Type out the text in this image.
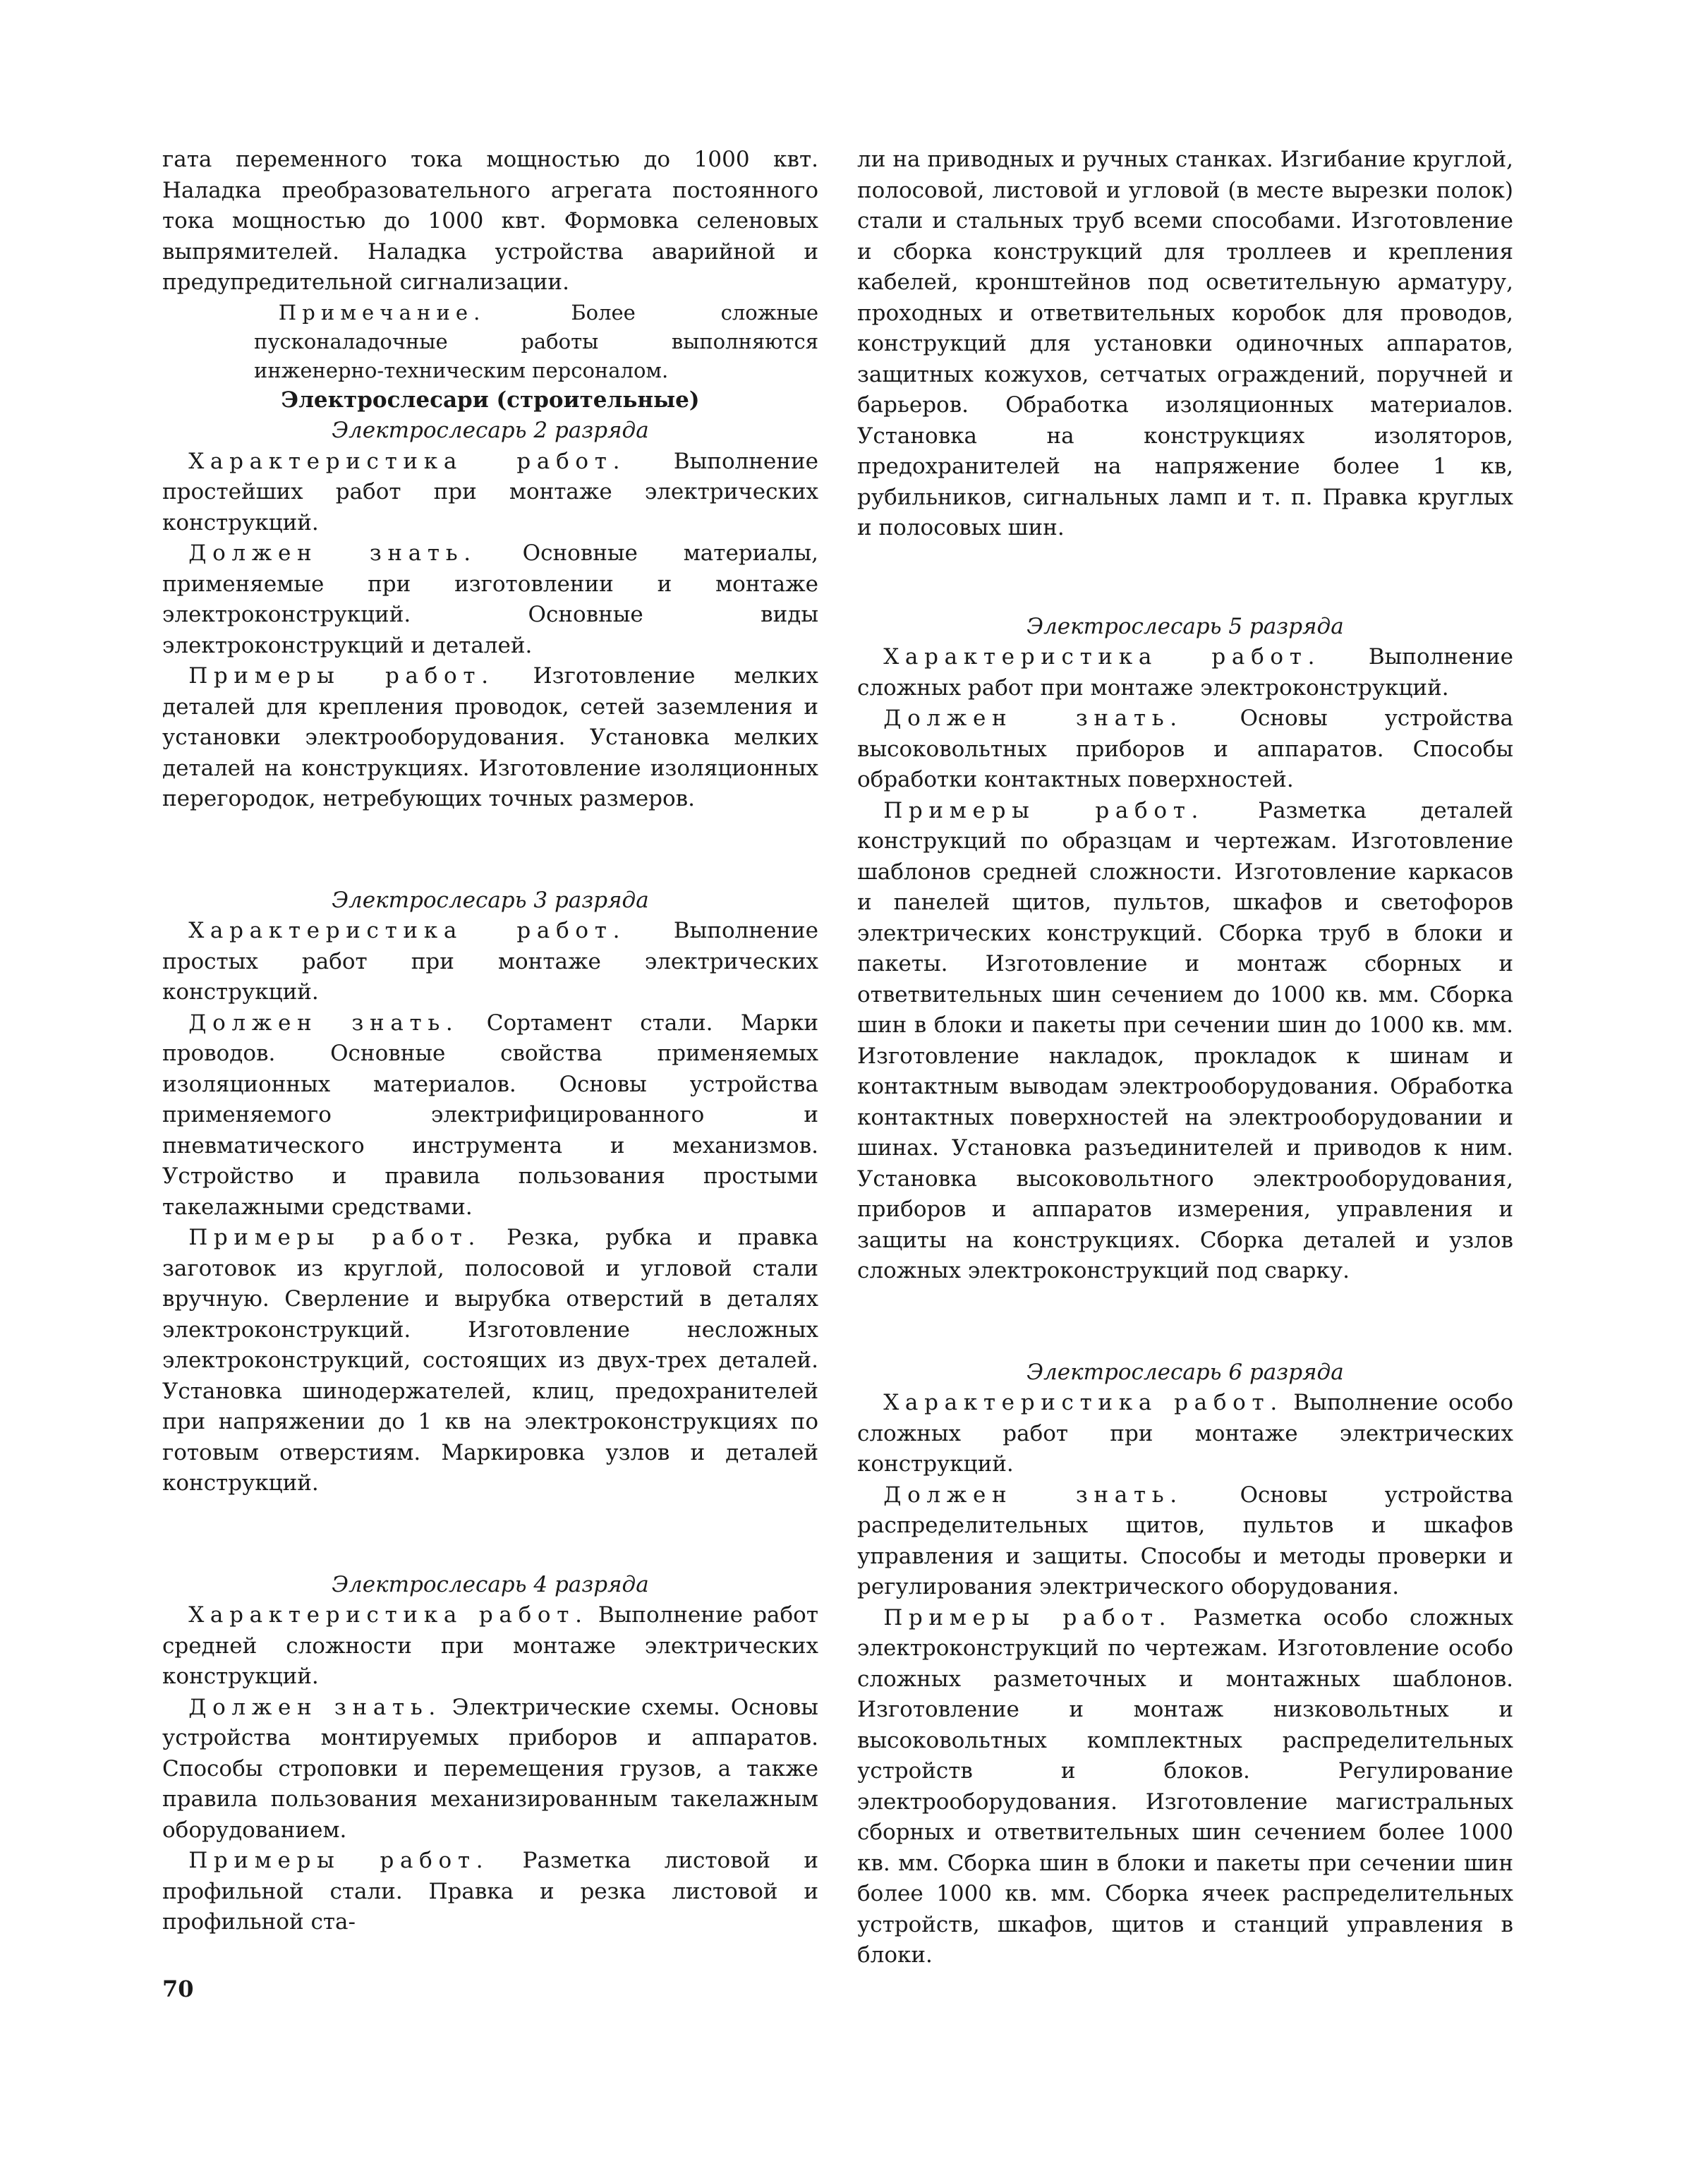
гата переменного тока мощностью до 1000 квт. Наладка преобразовательного агрегата постоянного тока мощностью до 1000 квт. Формовка селеновых выпрямителей. Наладка устройства аварийной и предупредительной сигнализации.

Примечание. Более сложные пусконаладочные работы выполняются инженерно-техническим персоналом.

Электрослесари (строительные)

Электрослесарь 2 разряда

Характеристика работ. Выполнение простейших работ при монтаже электрических конструкций.

Должен знать. Основные материалы, применяемые при изготовлении и монтаже электроконструкций. Основные виды электроконструкций и деталей.

Примеры работ. Изготовление мелких деталей для крепления проводок, сетей заземления и установки электрооборудования. Установка мелких деталей на конструкциях. Изготовление изоляционных перегородок, нетребующих точных размеров.

Электрослесарь 3 разряда

Характеристика работ. Выполнение простых работ при монтаже электрических конструкций.

Должен знать. Сортамент стали. Марки проводов. Основные свойства применяемых изоляционных материалов. Основы устройства применяемого электрифицированного и пневматического инструмента и механизмов. Устройство и правила пользования простыми такелажными средствами.

Примеры работ. Резка, рубка и правка заготовок из круглой, полосовой и угловой стали вручную. Сверление и вырубка отверстий в деталях электроконструкций. Изготовление несложных электроконструкций, состоящих из двух-трех деталей. Установка шинодержателей, клиц, предохранителей при напряжении до 1 кв на электроконструкциях по готовым отверстиям. Маркировка узлов и деталей конструкций.

Электрослесарь 4 разряда

Характеристика работ. Выполнение работ средней сложности при монтаже электрических конструкций.

Должен знать. Электрические схемы. Основы устройства монтируемых приборов и аппаратов. Способы строповки и перемещения грузов, а также правила пользования механизированным такелажным оборудованием.

Примеры работ. Разметка листовой и профильной стали. Правка и резка листовой и профильной ста-

ли на приводных и ручных станках. Изгибание круглой, полосовой, листовой и угловой (в месте вырезки полок) стали и стальных труб всеми способами. Изготовление и сборка конструкций для троллеев и крепления кабелей, кронштейнов под осветительную арматуру, проходных и ответвительных коробок для проводов, конструкций для установки одиночных аппаратов, защитных кожухов, сетчатых ограждений, поручней и барьеров. Обработка изоляционных материалов. Установка на конструкциях изоляторов, предохранителей на напряжение более 1 кв, рубильников, сигнальных ламп и т. п. Правка круглых и полосовых шин.

Электрослесарь 5 разряда

Характеристика работ. Выполнение сложных работ при монтаже электроконструкций.

Должен знать. Основы устройства высоковольтных приборов и аппаратов. Способы обработки контактных поверхностей.

Примеры работ. Разметка деталей конструкций по образцам и чертежам. Изготовление шаблонов средней сложности. Изготовление каркасов и панелей щитов, пультов, шкафов и светофоров электрических конструкций. Сборка труб в блоки и пакеты. Изготовление и монтаж сборных и ответвительных шин сечением до 1000 кв. мм. Сборка шин в блоки и пакеты при сечении шин до 1000 кв. мм. Изготовление накладок, прокладок к шинам и контактным выводам электрооборудования. Обработка контактных поверхностей на электрооборудовании и шинах. Установка разъединителей и приводов к ним. Установка высоковольтного электрооборудования, приборов и аппаратов измерения, управления и защиты на конструкциях. Сборка деталей и узлов сложных электроконструкций под сварку.

Электрослесарь 6 разряда

Характеристика работ. Выполнение особо сложных работ при монтаже электрических конструкций.

Должен знать. Основы устройства распределительных щитов, пультов и шкафов управления и защиты. Способы и методы проверки и регулирования электрического оборудования.

Примеры работ. Разметка особо сложных электроконструкций по чертежам. Изготовление особо сложных разметочных и монтажных шаблонов. Изготовление и монтаж низковольтных и высоковольтных комплектных распределительных устройств и блоков. Регулирование электрооборудования. Изготовление магистральных сборных и ответвительных шин сечением более 1000 кв. мм. Сборка шин в блоки и пакеты при сечении шин более 1000 кв. мм. Сборка ячеек распределительных устройств, шкафов, щитов и станций управления в блоки.

70
